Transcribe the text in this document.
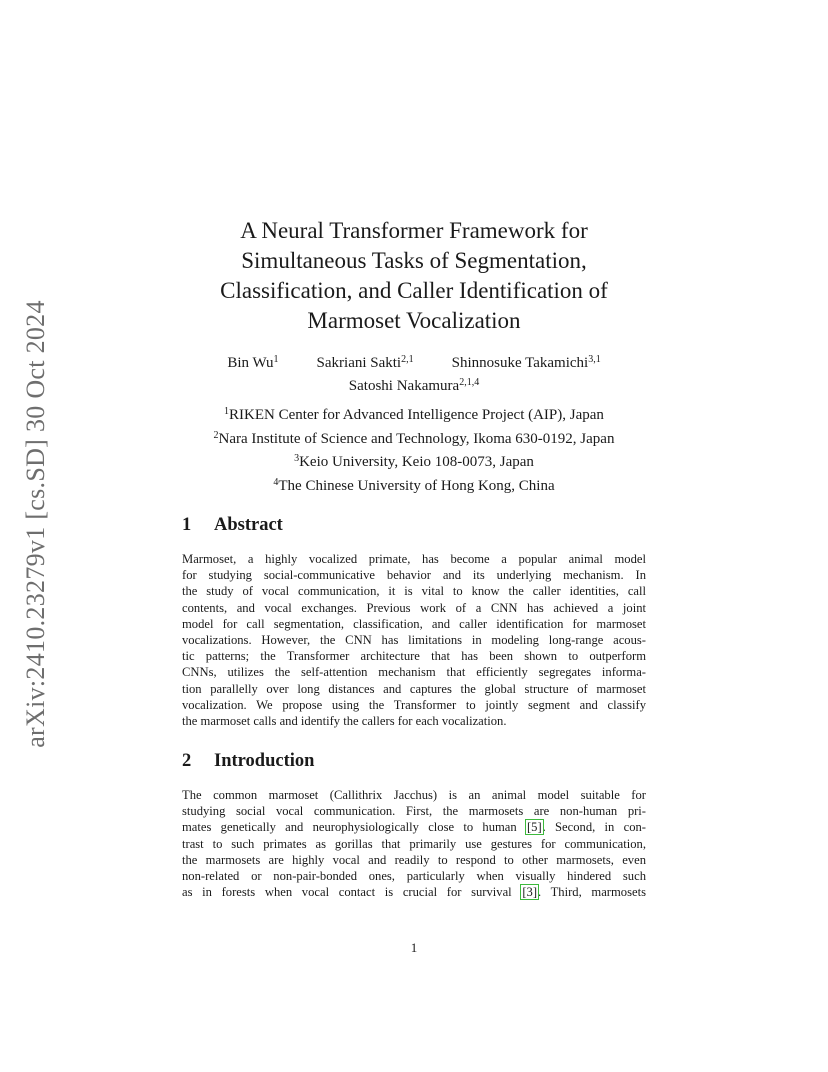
arXiv:2410.23279v1 [cs.SD] 30 Oct 2024
A Neural Transformer Framework for
Simultaneous Tasks of Segmentation,
Classification, and Caller Identification of
Marmoset Vocalization
Bin Wu$^1$	Sakriani Sakti$^{2,1}$	Shinnosuke Takamichi$^{3,1}$
Satoshi Nakamura$^{2,1,4}$
$^1$RIKEN Center for Advanced Intelligence Project (AIP), Japan
$^2$Nara Institute of Science and Technology, Ikoma 630-0192, Japan
$^3$Keio University, Keio 108-0073, Japan
$^4$The Chinese University of Hong Kong, China
1 Abstract
Marmoset, a highly vocalized primate, has become a popular animal model
for studying social-communicative behavior and its underlying mechanism. In
the study of vocal communication, it is vital to know the caller identities, call
contents, and vocal exchanges. Previous work of a CNN has achieved a joint
model for call segmentation, classification, and caller identification for marmoset
vocalizations. However, the CNN has limitations in modeling long-range acous-
tic patterns; the Transformer architecture that has been shown to outperform
CNNs, utilizes the self-attention mechanism that efficiently segregates informa-
tion parallelly over long distances and captures the global structure of marmoset
vocalization. We propose using the Transformer to jointly segment and classify
the marmoset calls and identify the callers for each vocalization.
2 Introduction
The common marmoset (Callithrix Jacchus) is an animal model suitable for
studying social vocal communication. First, the marmosets are non-human pri-
mates genetically and neurophysiologically close to human [5]. Second, in con-
trast to such primates as gorillas that primarily use gestures for communication,
the marmosets are highly vocal and readily to respond to other marmosets, even
non-related or non-pair-bonded ones, particularly when visually hindered such
as in forests when vocal contact is crucial for survival [3]. Third, marmosets
1
